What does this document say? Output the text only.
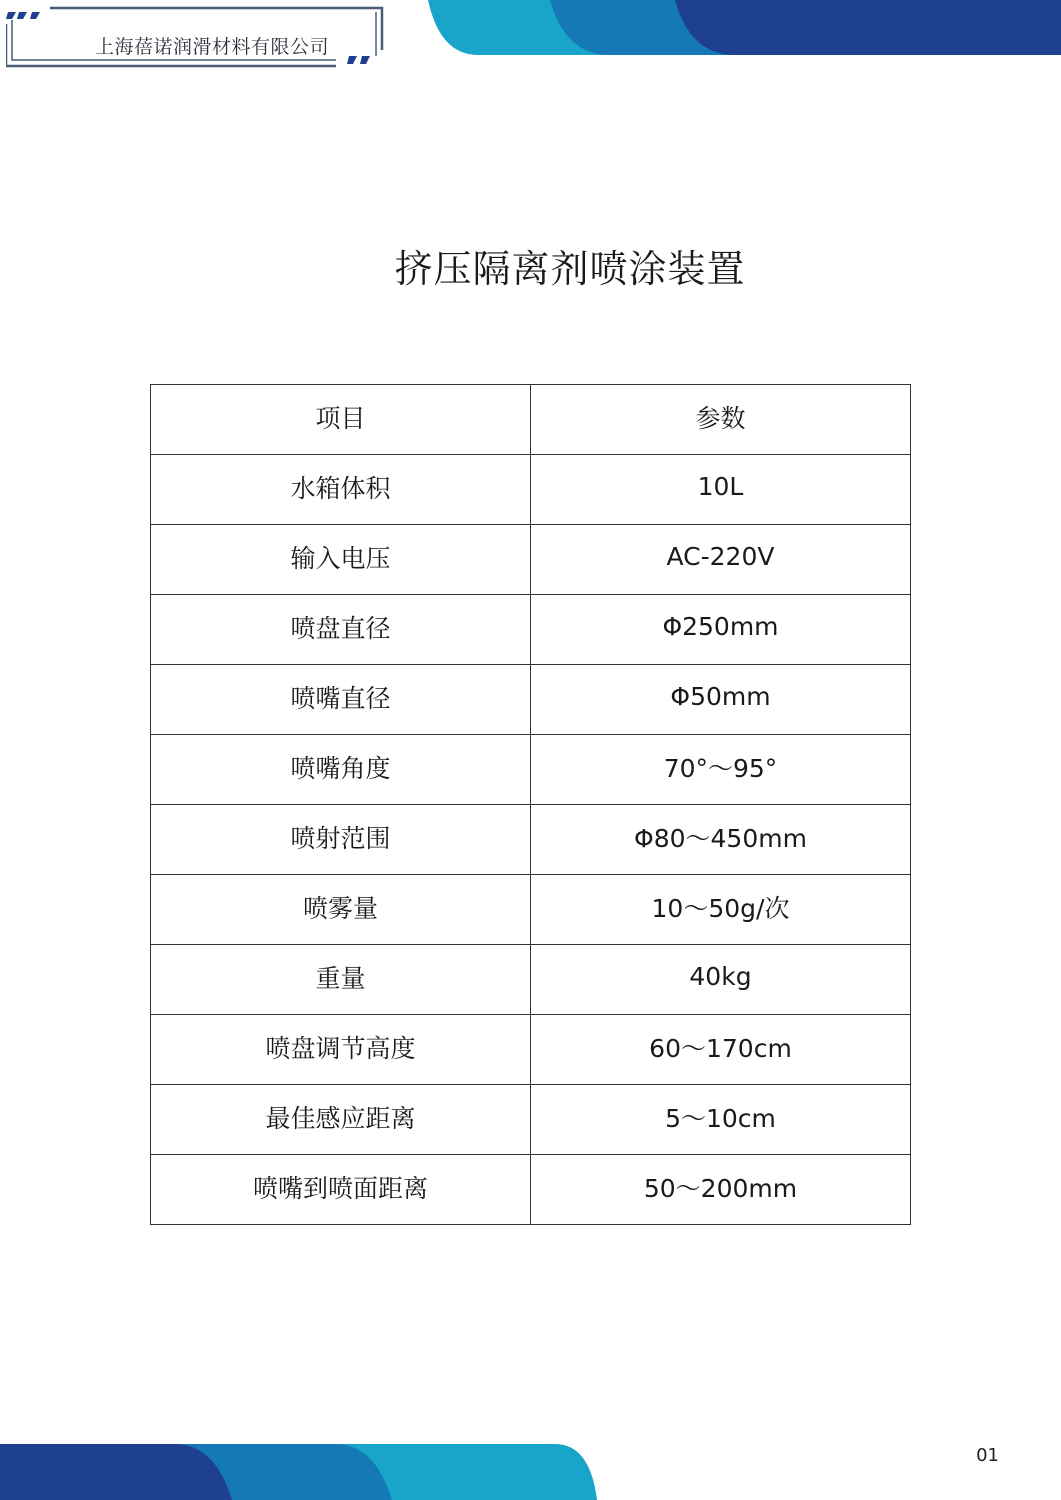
上海蓓诺润滑材料有限公司
挤压隔离剂喷涂装置
项目	参数
水箱体积	10L
输入电压	AC-220V
喷盘直径	Φ250mm
喷嘴直径	Φ50mm
喷嘴角度	70°～95°
喷射范围	Φ80～450mm
喷雾量	10～50g/次
重量	40kg
喷盘调节高度	60～170cm
最佳感应距离	5～10cm
喷嘴到喷面距离	50～200mm
01
